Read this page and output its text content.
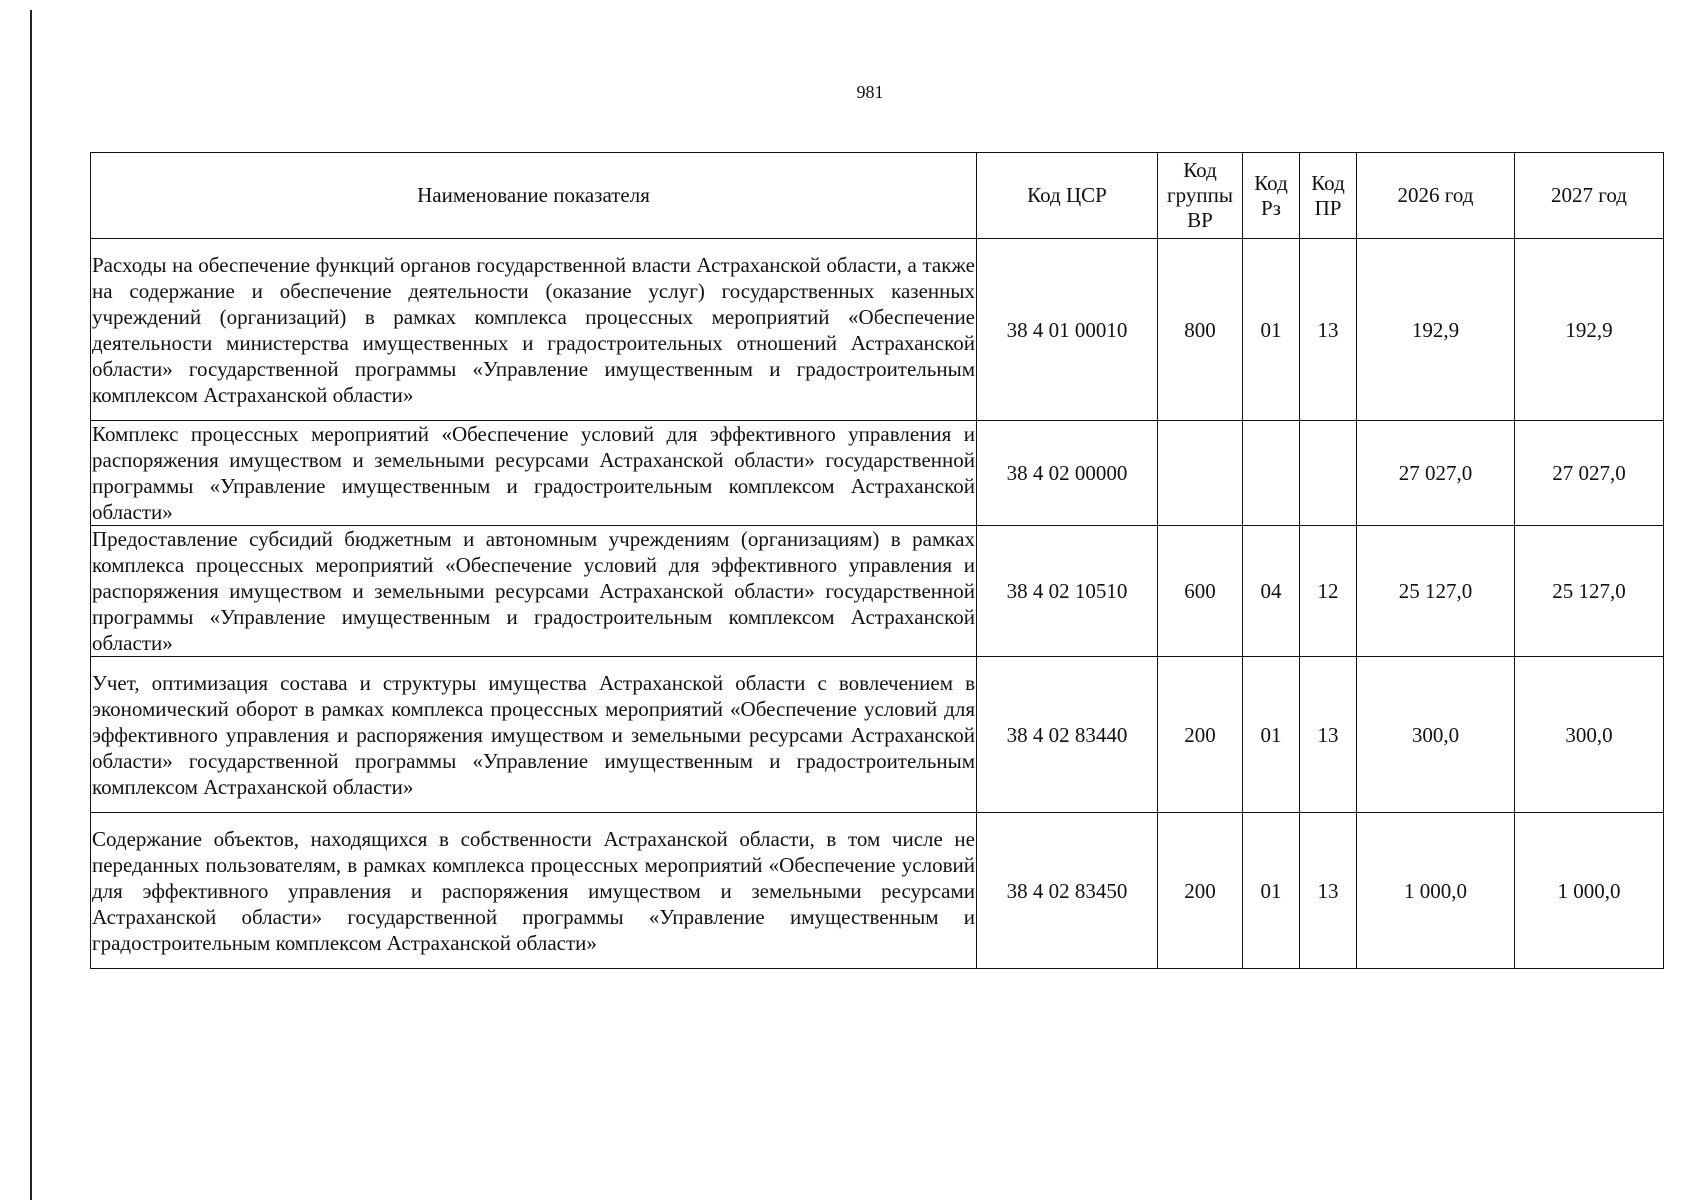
981
Наименование показателя	Код ЦСР	Код группы ВР	Код Рз	Код ПР	2026 год	2027 год
Расходы на обеспечение функций органов государственной власти Астраханской области, а также на содержание и обеспечение деятельности (оказание услуг) государственных казенных учреждений (организаций) в рамках комплекса процессных мероприятий «Обеспечение деятельности министерства имущественных и градостроительных отношений Астраханской области» государственной программы «Управление имущественным и градостроительным комплексом Астраханской области»	38 4 01 00010	800	01	13	192,9	192,9
Комплекс процессных мероприятий «Обеспечение условий для эффективного управления и распоряжения имуществом и земельными ресурсами Астраханской области» государственной программы «Управление имущественным и градостроительным комплексом Астраханской области»	38 4 02 00000				27 027,0	27 027,0
Предоставление субсидий бюджетным и автономным учреждениям (организациям) в рамках комплекса процессных мероприятий «Обеспечение условий для эффективного управления и распоряжения имуществом и земельными ресурсами Астраханской области» государственной программы «Управление имущественным и градостроительным комплексом Астраханской области»	38 4 02 10510	600	04	12	25 127,0	25 127,0
Учет, оптимизация состава и структуры имущества Астраханской области с вовлечением в экономический оборот в рамках комплекса процессных мероприятий «Обеспечение условий для эффективного управления и распоряжения имуществом и земельными ресурсами Астраханской области» государственной программы «Управление имущественным и градостроительным комплексом Астраханской области»	38 4 02 83440	200	01	13	300,0	300,0
Содержание объектов, находящихся в собственности Астраханской области, в том числе не переданных пользователям, в рамках комплекса процессных мероприятий «Обеспечение условий для эффективного управления и распоряжения имуществом и земельными ресурсами Астраханской области» государственной программы «Управление имущественным и градостроительным комплексом Астраханской области»	38 4 02 83450	200	01	13	1 000,0	1 000,0
